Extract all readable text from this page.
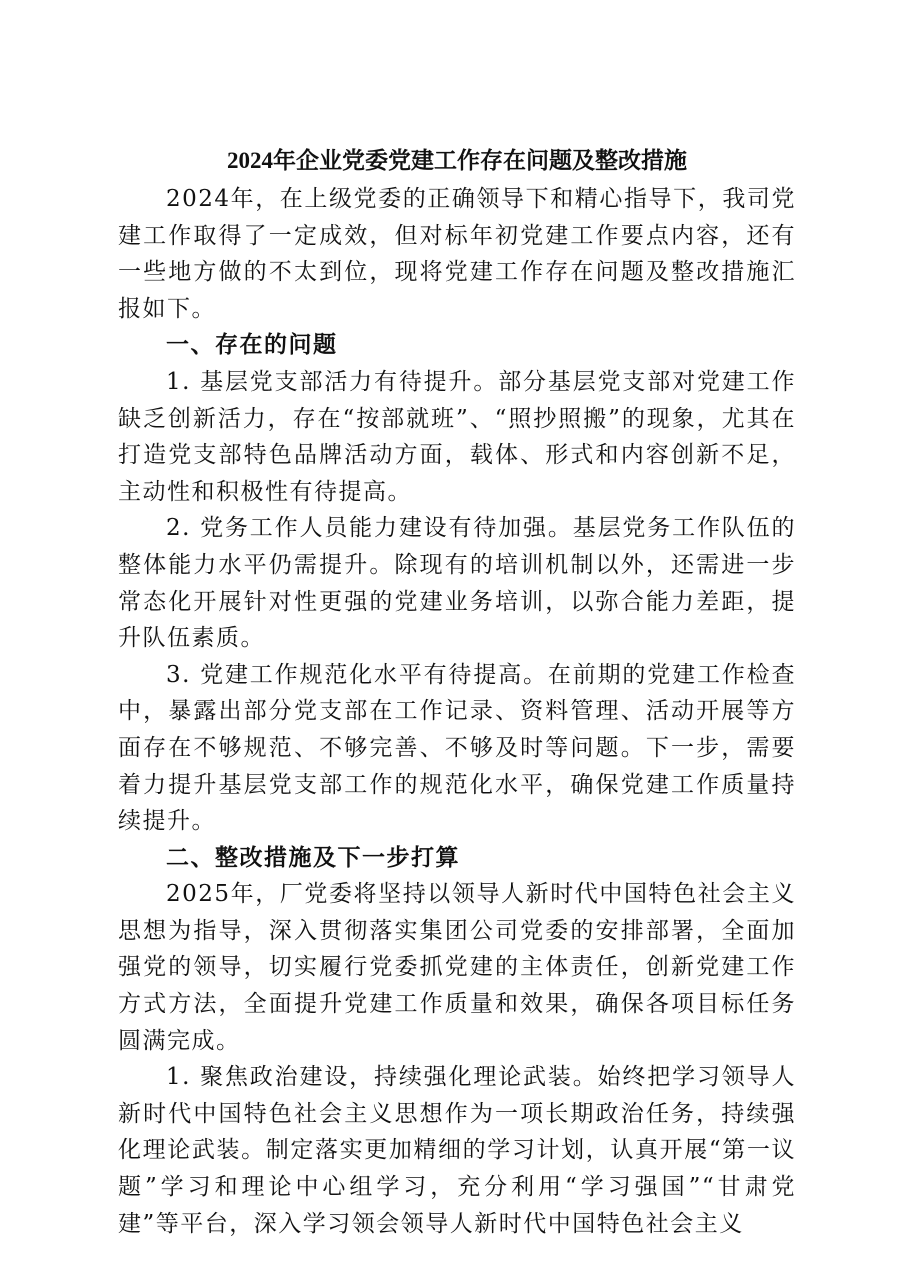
2024年企业党委党建工作存在问题及整改措施

2024年，在上级党委的正确领导下和精心指导下，我司党建工作取得了一定成效，但对标年初党建工作要点内容，还有一些地方做的不太到位，现将党建工作存在问题及整改措施汇报如下。

一、存在的问题

1. 基层党支部活力有待提升。部分基层党支部对党建工作缺乏创新活力，存在“按部就班”、“照抄照搬”的现象，尤其在打造党支部特色品牌活动方面，载体、形式和内容创新不足，主动性和积极性有待提高。

2. 党务工作人员能力建设有待加强。基层党务工作队伍的整体能力水平仍需提升。除现有的培训机制以外，还需进一步常态化开展针对性更强的党建业务培训，以弥合能力差距，提升队伍素质。

3. 党建工作规范化水平有待提高。在前期的党建工作检查中，暴露出部分党支部在工作记录、资料管理、活动开展等方面存在不够规范、不够完善、不够及时等问题。下一步，需要着力提升基层党支部工作的规范化水平，确保党建工作质量持续提升。

二、整改措施及下一步打算

2025年，厂党委将坚持以领导人新时代中国特色社会主义思想为指导，深入贯彻落实集团公司党委的安排部署，全面加强党的领导，切实履行党委抓党建的主体责任，创新党建工作方式方法，全面提升党建工作质量和效果，确保各项目标任务圆满完成。

1. 聚焦政治建设，持续强化理论武装。始终把学习领导人新时代中国特色社会主义思想作为一项长期政治任务，持续强化理论武装。制定落实更加精细的学习计划，认真开展“第一议题”学习和理论中心组学习，充分利用“学习强国”“甘肃党建”等平台，深入学习领会领导人新时代中国特色社会主义
